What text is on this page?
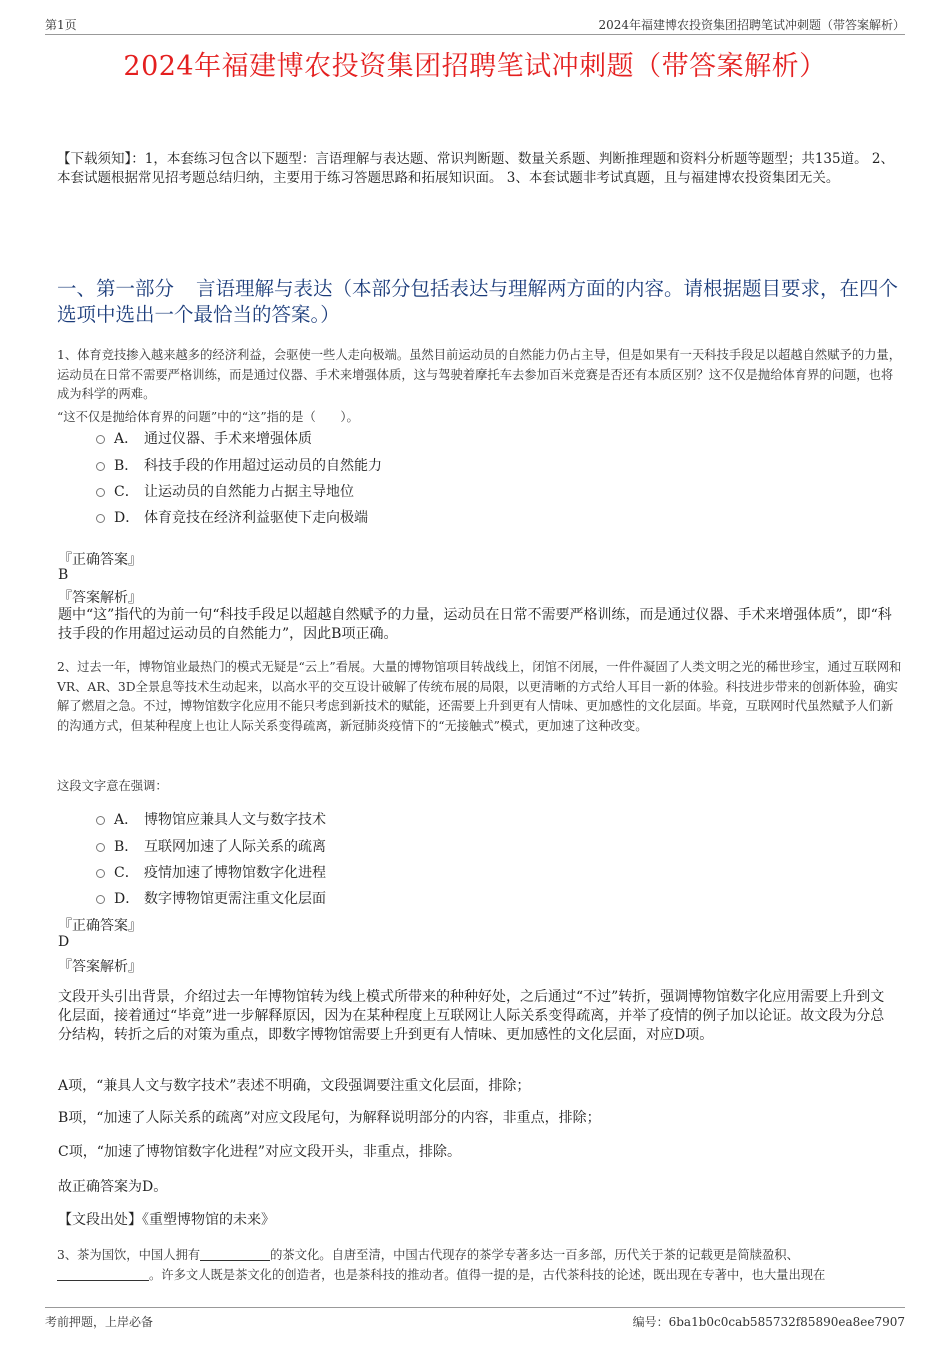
第1页	2024年福建博农投资集团招聘笔试冲刺题（带答案解析）
2024年福建博农投资集团招聘笔试冲刺题（带答案解析）
【下载须知】：1，本套练习包含以下题型：言语理解与表达题、常识判断题、数量关系题、判断推理题和资料分析题等题型；共135道。 2、本套试题根据常见招考题总结归纳，主要用于练习答题思路和拓展知识面。 3、本套试题非考试真题，且与福建博农投资集团无关。
一、第一部分 言语理解与表达（本部分包括表达与理解两方面的内容。请根据题目要求，在四个选项中选出一个最恰当的答案。）
1、体育竞技掺入越来越多的经济利益，会驱使一些人走向极端。虽然目前运动员的自然能力仍占主导，但是如果有一天科技手段足以超越自然赋予的力量，运动员在日常不需要严格训练，而是通过仪器、手术来增强体质，这与驾驶着摩托车去参加百米竞赛是否还有本质区别？这不仅是抛给体育界的问题，也将成为科学的两难。
“这不仅是抛给体育界的问题”中的“这”指的是（　　）。
A． 通过仪器、手术来增强体质
B． 科技手段的作用超过运动员的自然能力
C． 让运动员的自然能力占据主导地位
D． 体育竞技在经济利益驱使下走向极端
『正确答案』
B
『答案解析』
题中“这”指代的为前一句“科技手段足以超越自然赋予的力量，运动员在日常不需要严格训练，而是通过仪器、手术来增强体质”，即“科技手段的作用超过运动员的自然能力”，因此B项正确。
2、过去一年，博物馆业最热门的模式无疑是“云上”看展。大量的博物馆项目转战线上，闭馆不闭展，一件件凝固了人类文明之光的稀世珍宝，通过互联网和VR、AR、3D全景息等技术生动起来，以高水平的交互设计破解了传统布展的局限，以更清晰的方式给人耳目一新的体验。科技进步带来的创新体验，确实解了燃眉之急。不过，博物馆数字化应用不能只考虑到新技术的赋能，还需要上升到更有人情味、更加感性的文化层面。毕竟，互联网时代虽然赋予人们新的沟通方式，但某种程度上也让人际关系变得疏离，新冠肺炎疫情下的“无接触式”模式，更加速了这种改变。
这段文字意在强调：
A． 博物馆应兼具人文与数字技术
B． 互联网加速了人际关系的疏离
C． 疫情加速了博物馆数字化进程
D． 数字博物馆更需注重文化层面
『正确答案』
D
『答案解析』
文段开头引出背景，介绍过去一年博物馆转为线上模式所带来的种种好处，之后通过“不过”转折，强调博物馆数字化应用需要上升到文化层面，接着通过“毕竟”进一步解释原因，因为在某种程度上互联网让人际关系变得疏离，并举了疫情的例子加以论证。故文段为分总分结构，转折之后的对策为重点，即数字博物馆需要上升到更有人情味、更加感性的文化层面，对应D项。
A项，“兼具人文与数字技术”表述不明确，文段强调要注重文化层面，排除；
B项，“加速了人际关系的疏离”对应文段尾句，为解释说明部分的内容，非重点，排除；
C项，“加速了博物馆数字化进程”对应文段开头，非重点，排除。
故正确答案为D。
【文段出处】《重塑博物馆的未来》
3、茶为国饮，中国人拥有	的茶文化。自唐至清，中国古代现存的茶学专著多达一百多部，历代关于茶的记载更是简牍盈积、
。许多文人既是茶文化的创造者，也是茶科技的推动者。值得一提的是，古代茶科技的论述，既出现在专著中，也大量出现在
考前押题，上岸必备	编号：6ba1b0c0cab585732f85890ea8ee7907
